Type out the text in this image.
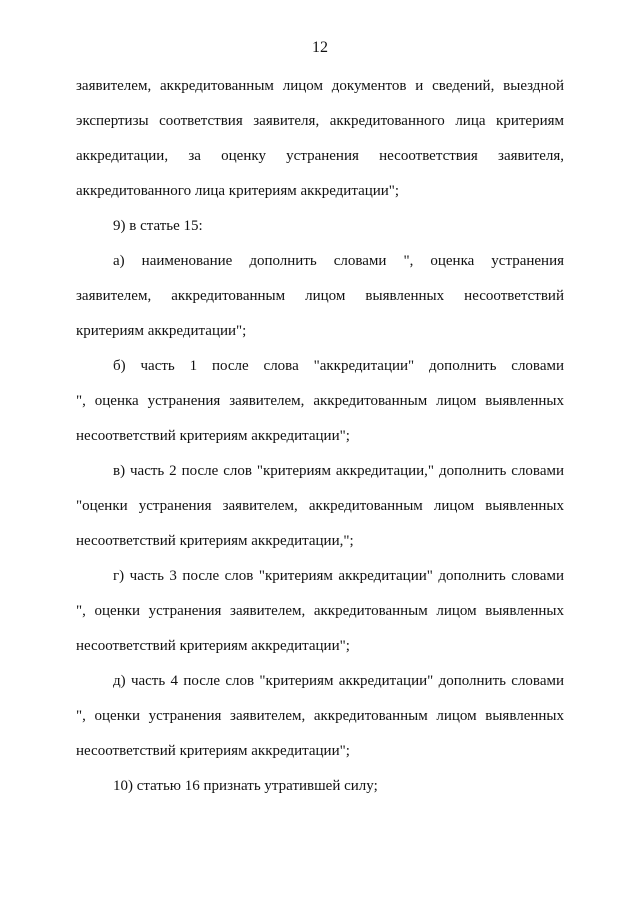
12
заявителем, аккредитованным лицом документов и сведений, выездной
экспертизы соответствия заявителя, аккредитованного лица критериям
аккредитации, за оценку устранения несоответствия заявителя,
аккредитованного лица критериям аккредитации";
9) в статье 15:
а) наименование дополнить словами ", оценка устранения
заявителем, аккредитованным лицом выявленных несоответствий
критериям аккредитации";
б) часть 1 после слова "аккредитации" дополнить словами
", оценка устранения заявителем, аккредитованным лицом выявленных
несоответствий критериям аккредитации";
в) часть 2 после слов "критериям аккредитации," дополнить словами
"оценки устранения заявителем, аккредитованным лицом выявленных
несоответствий критериям аккредитации,";
г) часть 3 после слов "критериям аккредитации" дополнить словами
", оценки устранения заявителем, аккредитованным лицом выявленных
несоответствий критериям аккредитации";
д) часть 4 после слов "критериям аккредитации" дополнить словами
", оценки устранения заявителем, аккредитованным лицом выявленных
несоответствий критериям аккредитации";
10) статью 16 признать утратившей силу;
